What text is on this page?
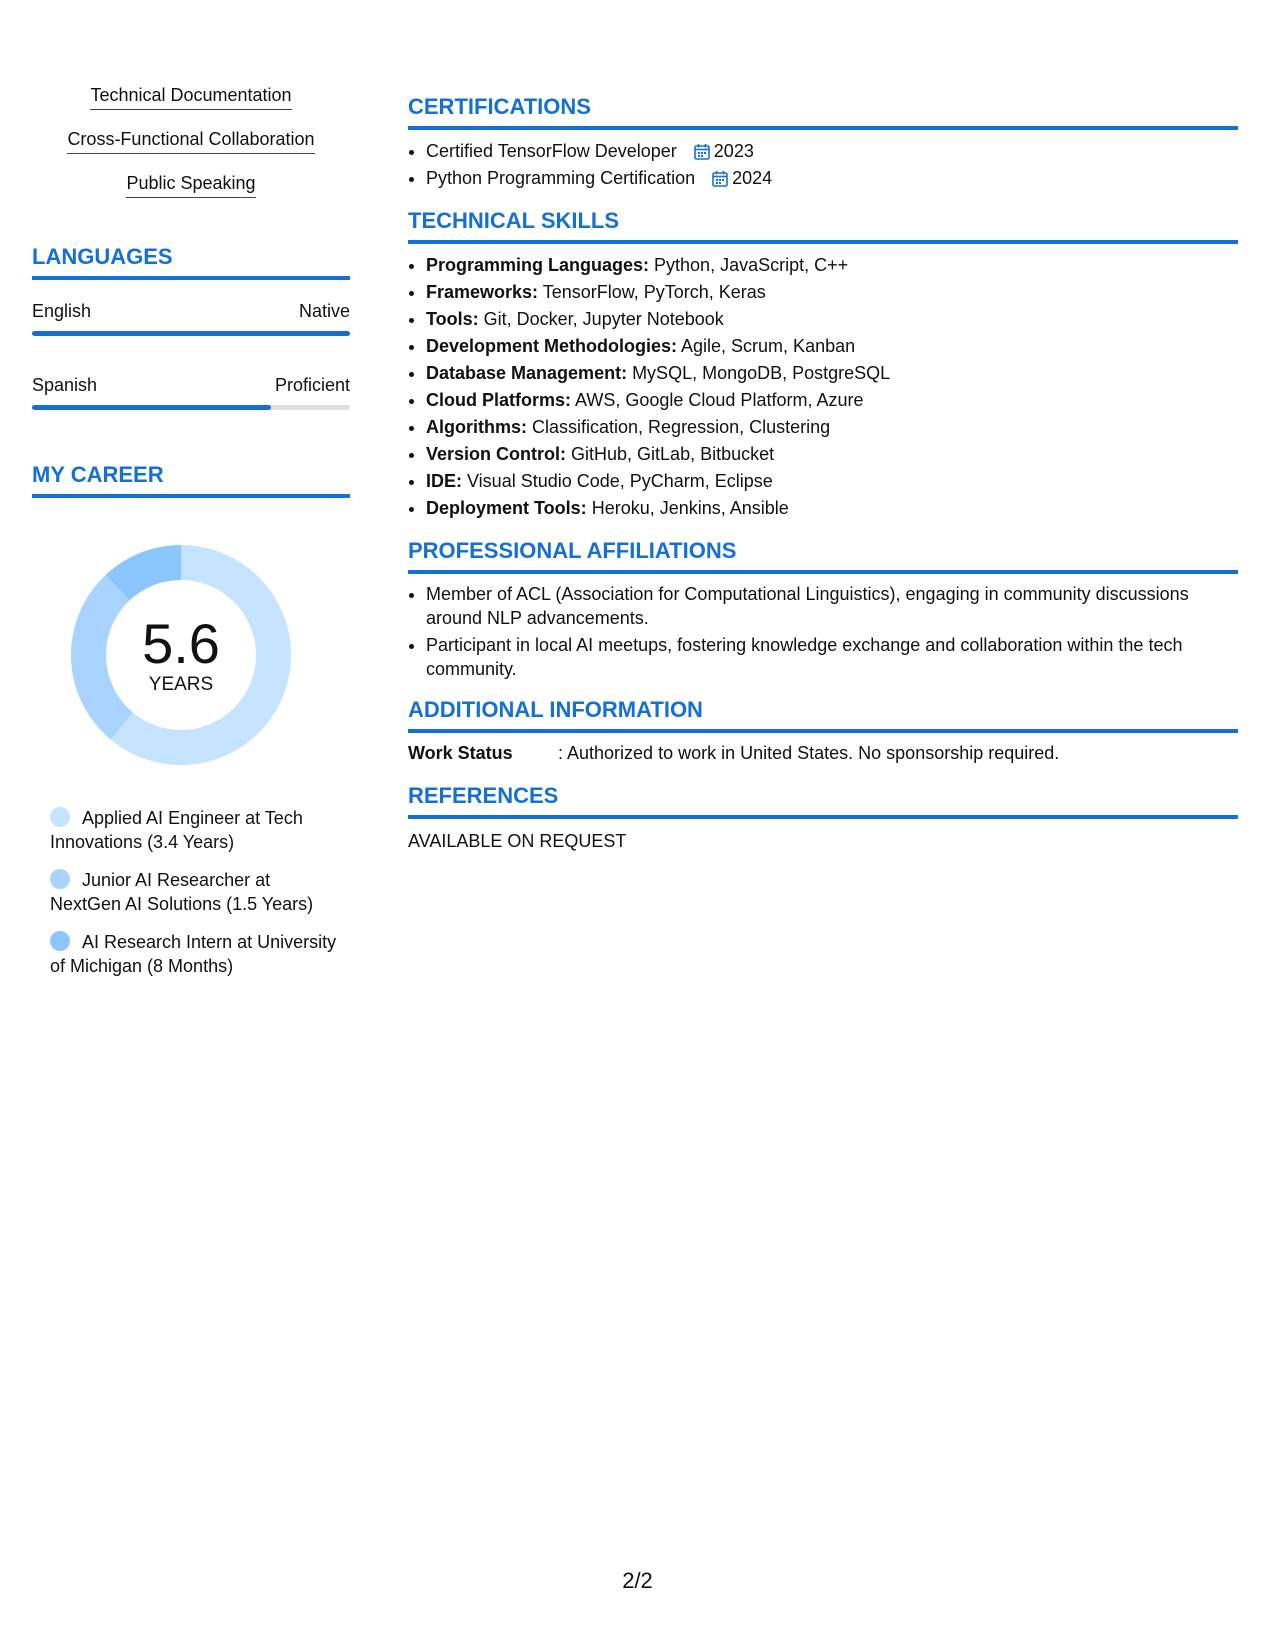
Technical Documentation
Cross-Functional Collaboration
Public Speaking
LANGUAGES
English	Native
Spanish	Proficient
MY CAREER
5.6
YEARS
Applied AI Engineer at Tech Innovations (3.4 Years)
Junior AI Researcher at NextGen AI Solutions (1.5 Years)
AI Research Intern at University of Michigan (8 Months)
CERTIFICATIONS
• Certified TensorFlow Developer 2023
• Python Programming Certification 2024
TECHNICAL SKILLS
• Programming Languages: Python, JavaScript, C++
• Frameworks: TensorFlow, PyTorch, Keras
• Tools: Git, Docker, Jupyter Notebook
• Development Methodologies: Agile, Scrum, Kanban
• Database Management: MySQL, MongoDB, PostgreSQL
• Cloud Platforms: AWS, Google Cloud Platform, Azure
• Algorithms: Classification, Regression, Clustering
• Version Control: GitHub, GitLab, Bitbucket
• IDE: Visual Studio Code, PyCharm, Eclipse
• Deployment Tools: Heroku, Jenkins, Ansible
PROFESSIONAL AFFILIATIONS
• Member of ACL (Association for Computational Linguistics), engaging in community discussions around NLP advancements.
• Participant in local AI meetups, fostering knowledge exchange and collaboration within the tech community.
ADDITIONAL INFORMATION
Work Status	: Authorized to work in United States. No sponsorship required.
REFERENCES
AVAILABLE ON REQUEST
2/2
